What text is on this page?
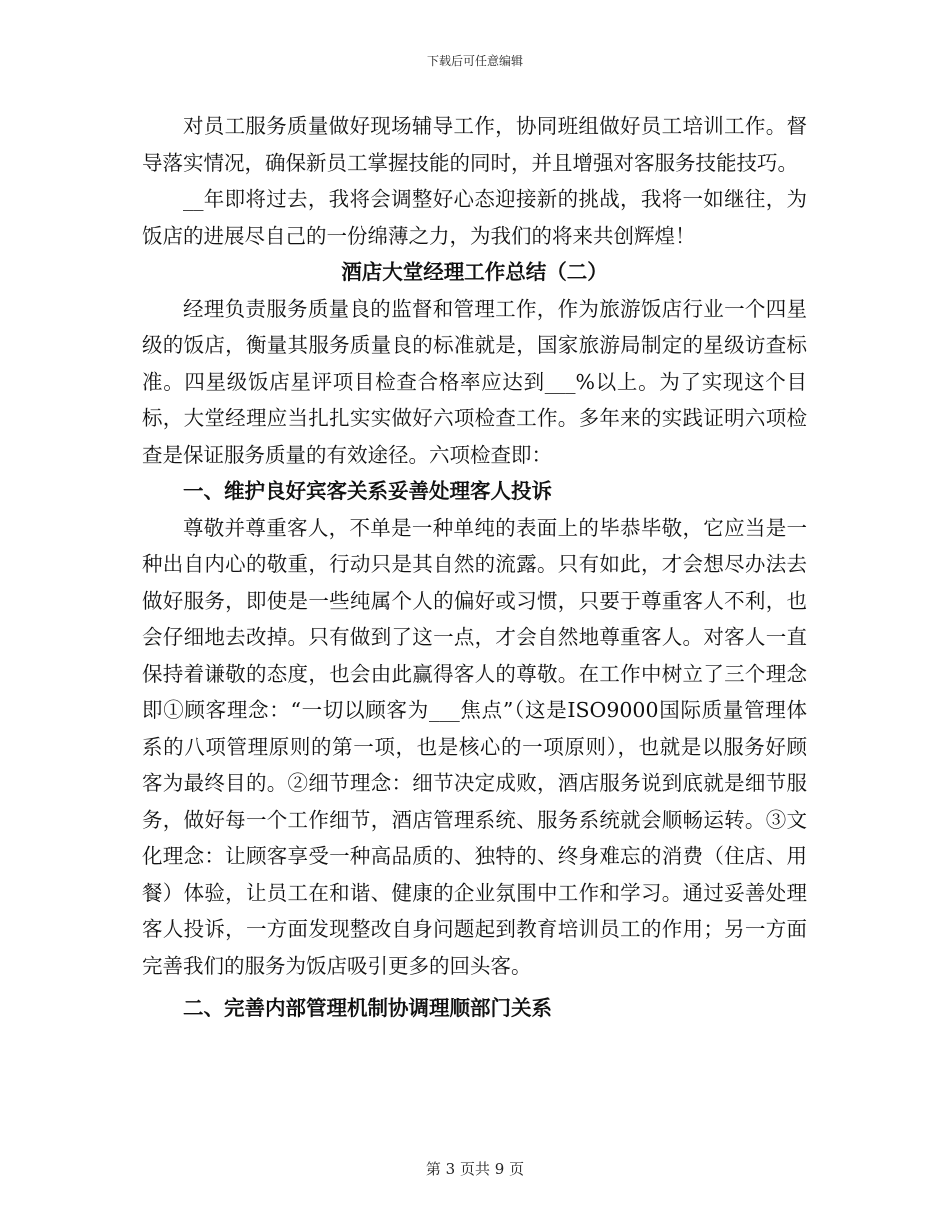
下载后可任意编辑

对员工服务质量做好现场辅导工作，协同班组做好员工培训工作。督导落实情况，确保新员工掌握技能的同时，并且增强对客服务技能技巧。

__年即将过去，我将会调整好心态迎接新的挑战，我将一如继往，为饭店的进展尽自己的一份绵薄之力，为我们的将来共创辉煌！

酒店大堂经理工作总结（二）

经理负责服务质量良的监督和管理工作，作为旅游饭店行业一个四星级的饭店，衡量其服务质量良的标准就是，国家旅游局制定的星级访查标准。四星级饭店星评项目检查合格率应达到___%以上。为了实现这个目标，大堂经理应当扎扎实实做好六项检查工作。多年来的实践证明六项检查是保证服务质量的有效途径。六项检查即：

一、维护良好宾客关系妥善处理客人投诉

尊敬并尊重客人，不单是一种单纯的表面上的毕恭毕敬，它应当是一种出自内心的敬重，行动只是其自然的流露。只有如此，才会想尽办法去做好服务，即使是一些纯属个人的偏好或习惯，只要于尊重客人不利，也会仔细地去改掉。只有做到了这一点，才会自然地尊重客人。对客人一直保持着谦敬的态度，也会由此赢得客人的尊敬。在工作中树立了三个理念即①顾客理念：“一切以顾客为___焦点”（这是ISO9000国际质量管理体系的八项管理原则的第一项，也是核心的一项原则），也就是以服务好顾客为最终目的。②细节理念：细节决定成败，酒店服务说到底就是细节服务，做好每一个工作细节，酒店管理系统、服务系统就会顺畅运转。③文化理念：让顾客享受一种高品质的、独特的、终身难忘的消费（住店、用餐）体验，让员工在和谐、健康的企业氛围中工作和学习。通过妥善处理客人投诉，一方面发现整改自身问题起到教育培训员工的作用；另一方面完善我们的服务为饭店吸引更多的回头客。

二、完善内部管理机制协调理顺部门关系

第 3 页共 9 页
